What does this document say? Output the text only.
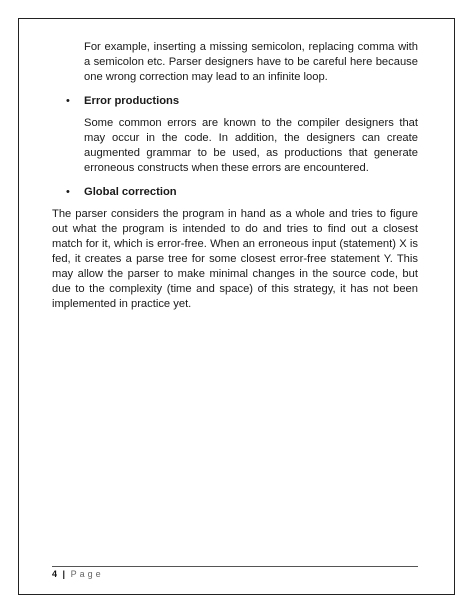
For example, inserting a missing semicolon, replacing comma with a semicolon etc. Parser designers have to be careful here because one wrong correction may lead to an infinite loop.

•	Error productions

Some common errors are known to the compiler designers that may occur in the code. In addition, the designers can create augmented grammar to be used, as productions that generate erroneous constructs when these errors are encountered.

•	Global correction

The parser considers the program in hand as a whole and tries to figure out what the program is intended to do and tries to find out a closest match for it, which is error-free. When an erroneous input (statement) X is fed, it creates a parse tree for some closest error-free statement Y. This may allow the parser to make minimal changes in the source code, but due to the complexity (time and space) of this strategy, it has not been implemented in practice yet.

4 | Page
